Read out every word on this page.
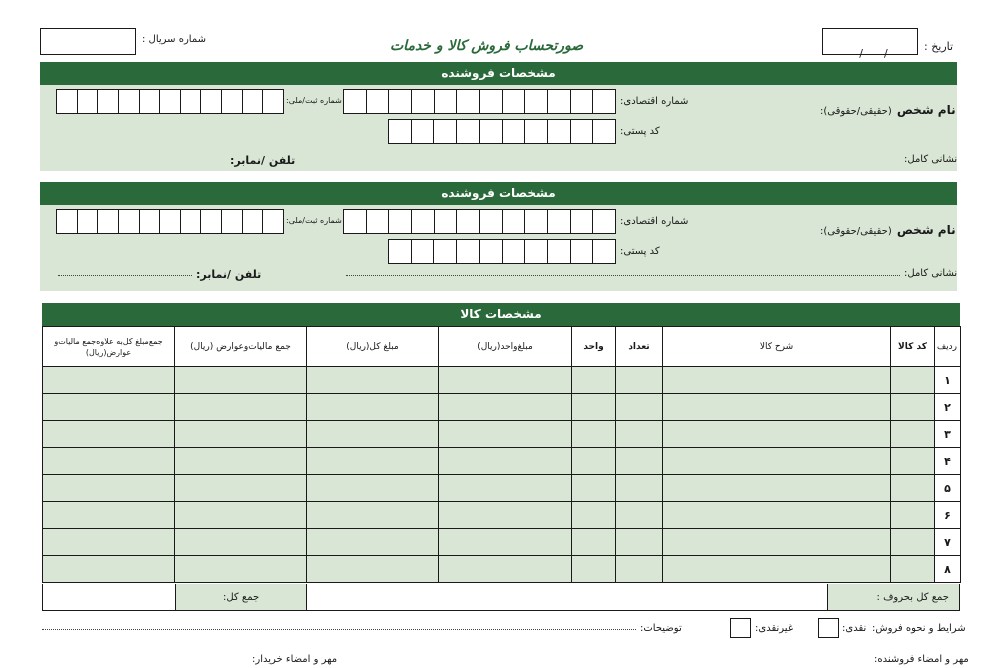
صورتحساب فروش کالا و خدمات	تاریخ :

/      /

شماره سریال :
مشخصات فروشنده
نام شخص (حقیقی/حقوقی):
شماره اقتصادی:
شماره ثبت/ملی:
کد پستی:
نشانی کامل:
تلفن /نمابر:
مشخصات فروشنده
نام شخص (حقیقی/حقوقی):
شماره اقتصادی:
شماره ثبت/ملی:
کد پستی:
نشانی کامل:
تلفن /نمابر:
مشخصات کالا
ردیف	کد کالا	شرح کالا	تعداد	واحد	مبلغ‌واحد(ریال)	مبلغ کل(ریال)	جمع مالیات‌وعوارض (ریال)	جمع‌مبلغ کل‌به علاوه‌جمع مالیات‌و عوارض(ریال)
۱								
۲								
۳								
۴								
۵								
۶								
۷								
۸								
جمع کل بحروف :
جمع کل:
شرایط و نحوه فروش:
نقدی:
غیرنقدی:
توضیحات:
مهر و امضاء فروشنده:
مهر و امضاء خریدار:
